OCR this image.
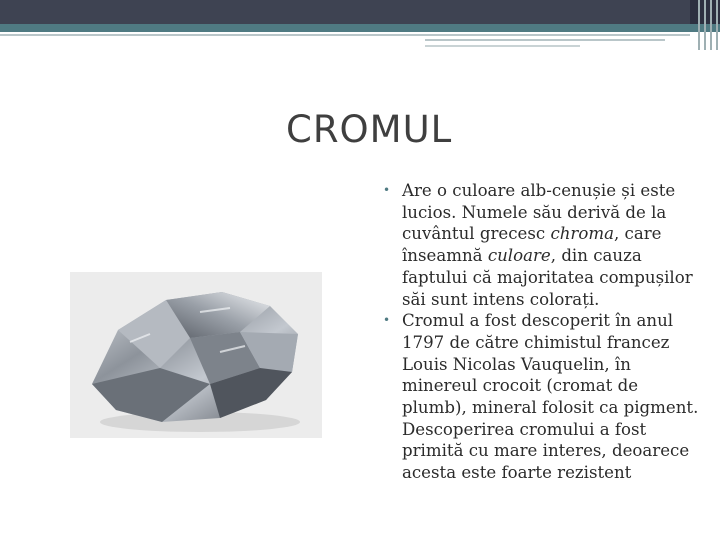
CROMUL
• Are o culoare alb-cenușie și este lucios. Numele său derivă de la cuvântul grecesc chroma, care înseamnă culoare, din cauza faptului că majoritatea compușilor săi sunt intens colorați.
• Cromul a fost descoperit în anul 1797 de către chimistul francez Louis Nicolas Vauquelin, în minereul crocoit (cromat de plumb), mineral folosit ca pigment. Descoperirea cromului a fost primită cu mare interes, deoarece acesta este foarte rezistent
